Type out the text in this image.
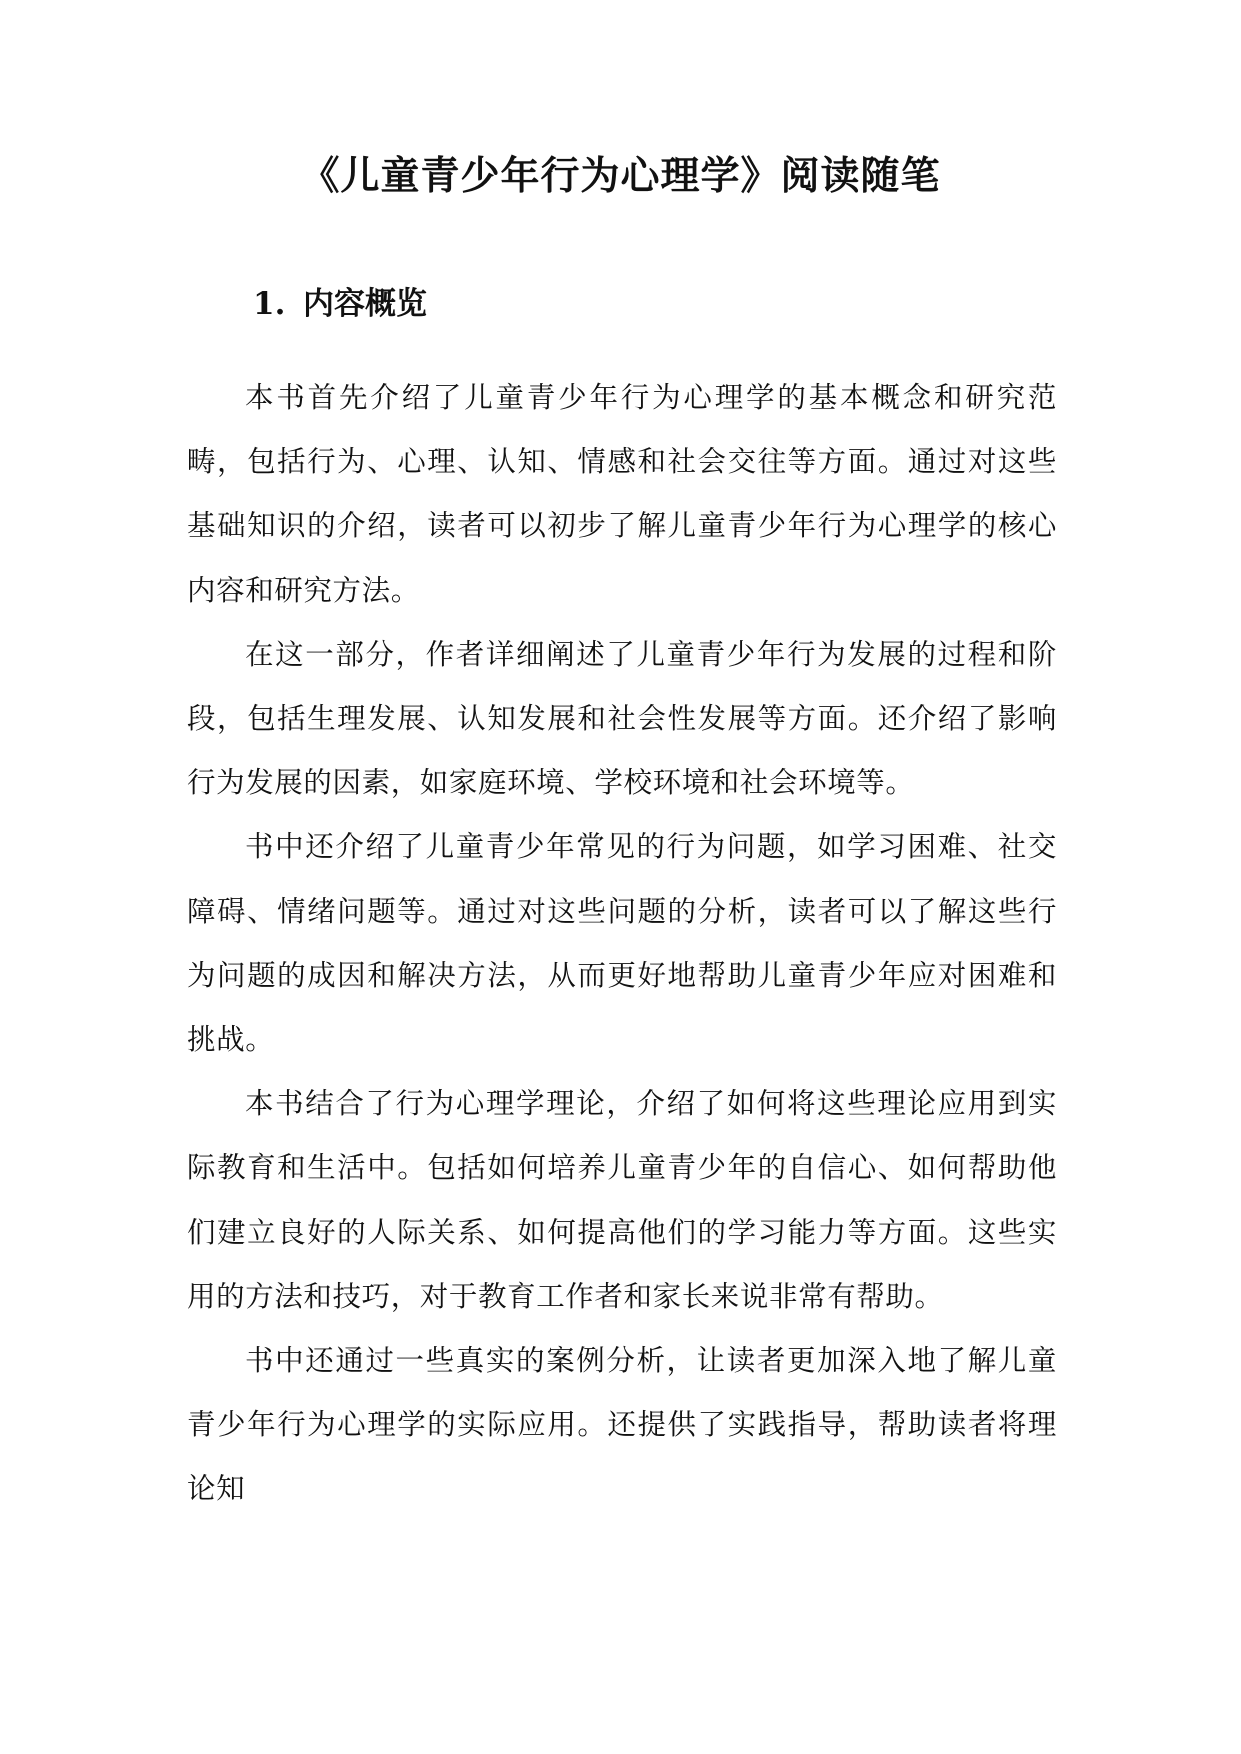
《儿童青少年行为心理学》阅读随笔
1. 内容概览

本书首先介绍了儿童青少年行为心理学的基本概念和研究范畴，包括行为、心理、认知、情感和社会交往等方面。通过对这些基础知识的介绍，读者可以初步了解儿童青少年行为心理学的核心内容和研究方法。

在这一部分，作者详细阐述了儿童青少年行为发展的过程和阶段，包括生理发展、认知发展和社会性发展等方面。还介绍了影响行为发展的因素，如家庭环境、学校环境和社会环境等。

书中还介绍了儿童青少年常见的行为问题，如学习困难、社交障碍、情绪问题等。通过对这些问题的分析，读者可以了解这些行为问题的成因和解决方法，从而更好地帮助儿童青少年应对困难和挑战。

本书结合了行为心理学理论，介绍了如何将这些理论应用到实际教育和生活中。包括如何培养儿童青少年的自信心、如何帮助他们建立良好的人际关系、如何提高他们的学习能力等方面。这些实用的方法和技巧，对于教育工作者和家长来说非常有帮助。

书中还通过一些真实的案例分析，让读者更加深入地了解儿童青少年行为心理学的实际应用。还提供了实践指导，帮助读者将理论知
